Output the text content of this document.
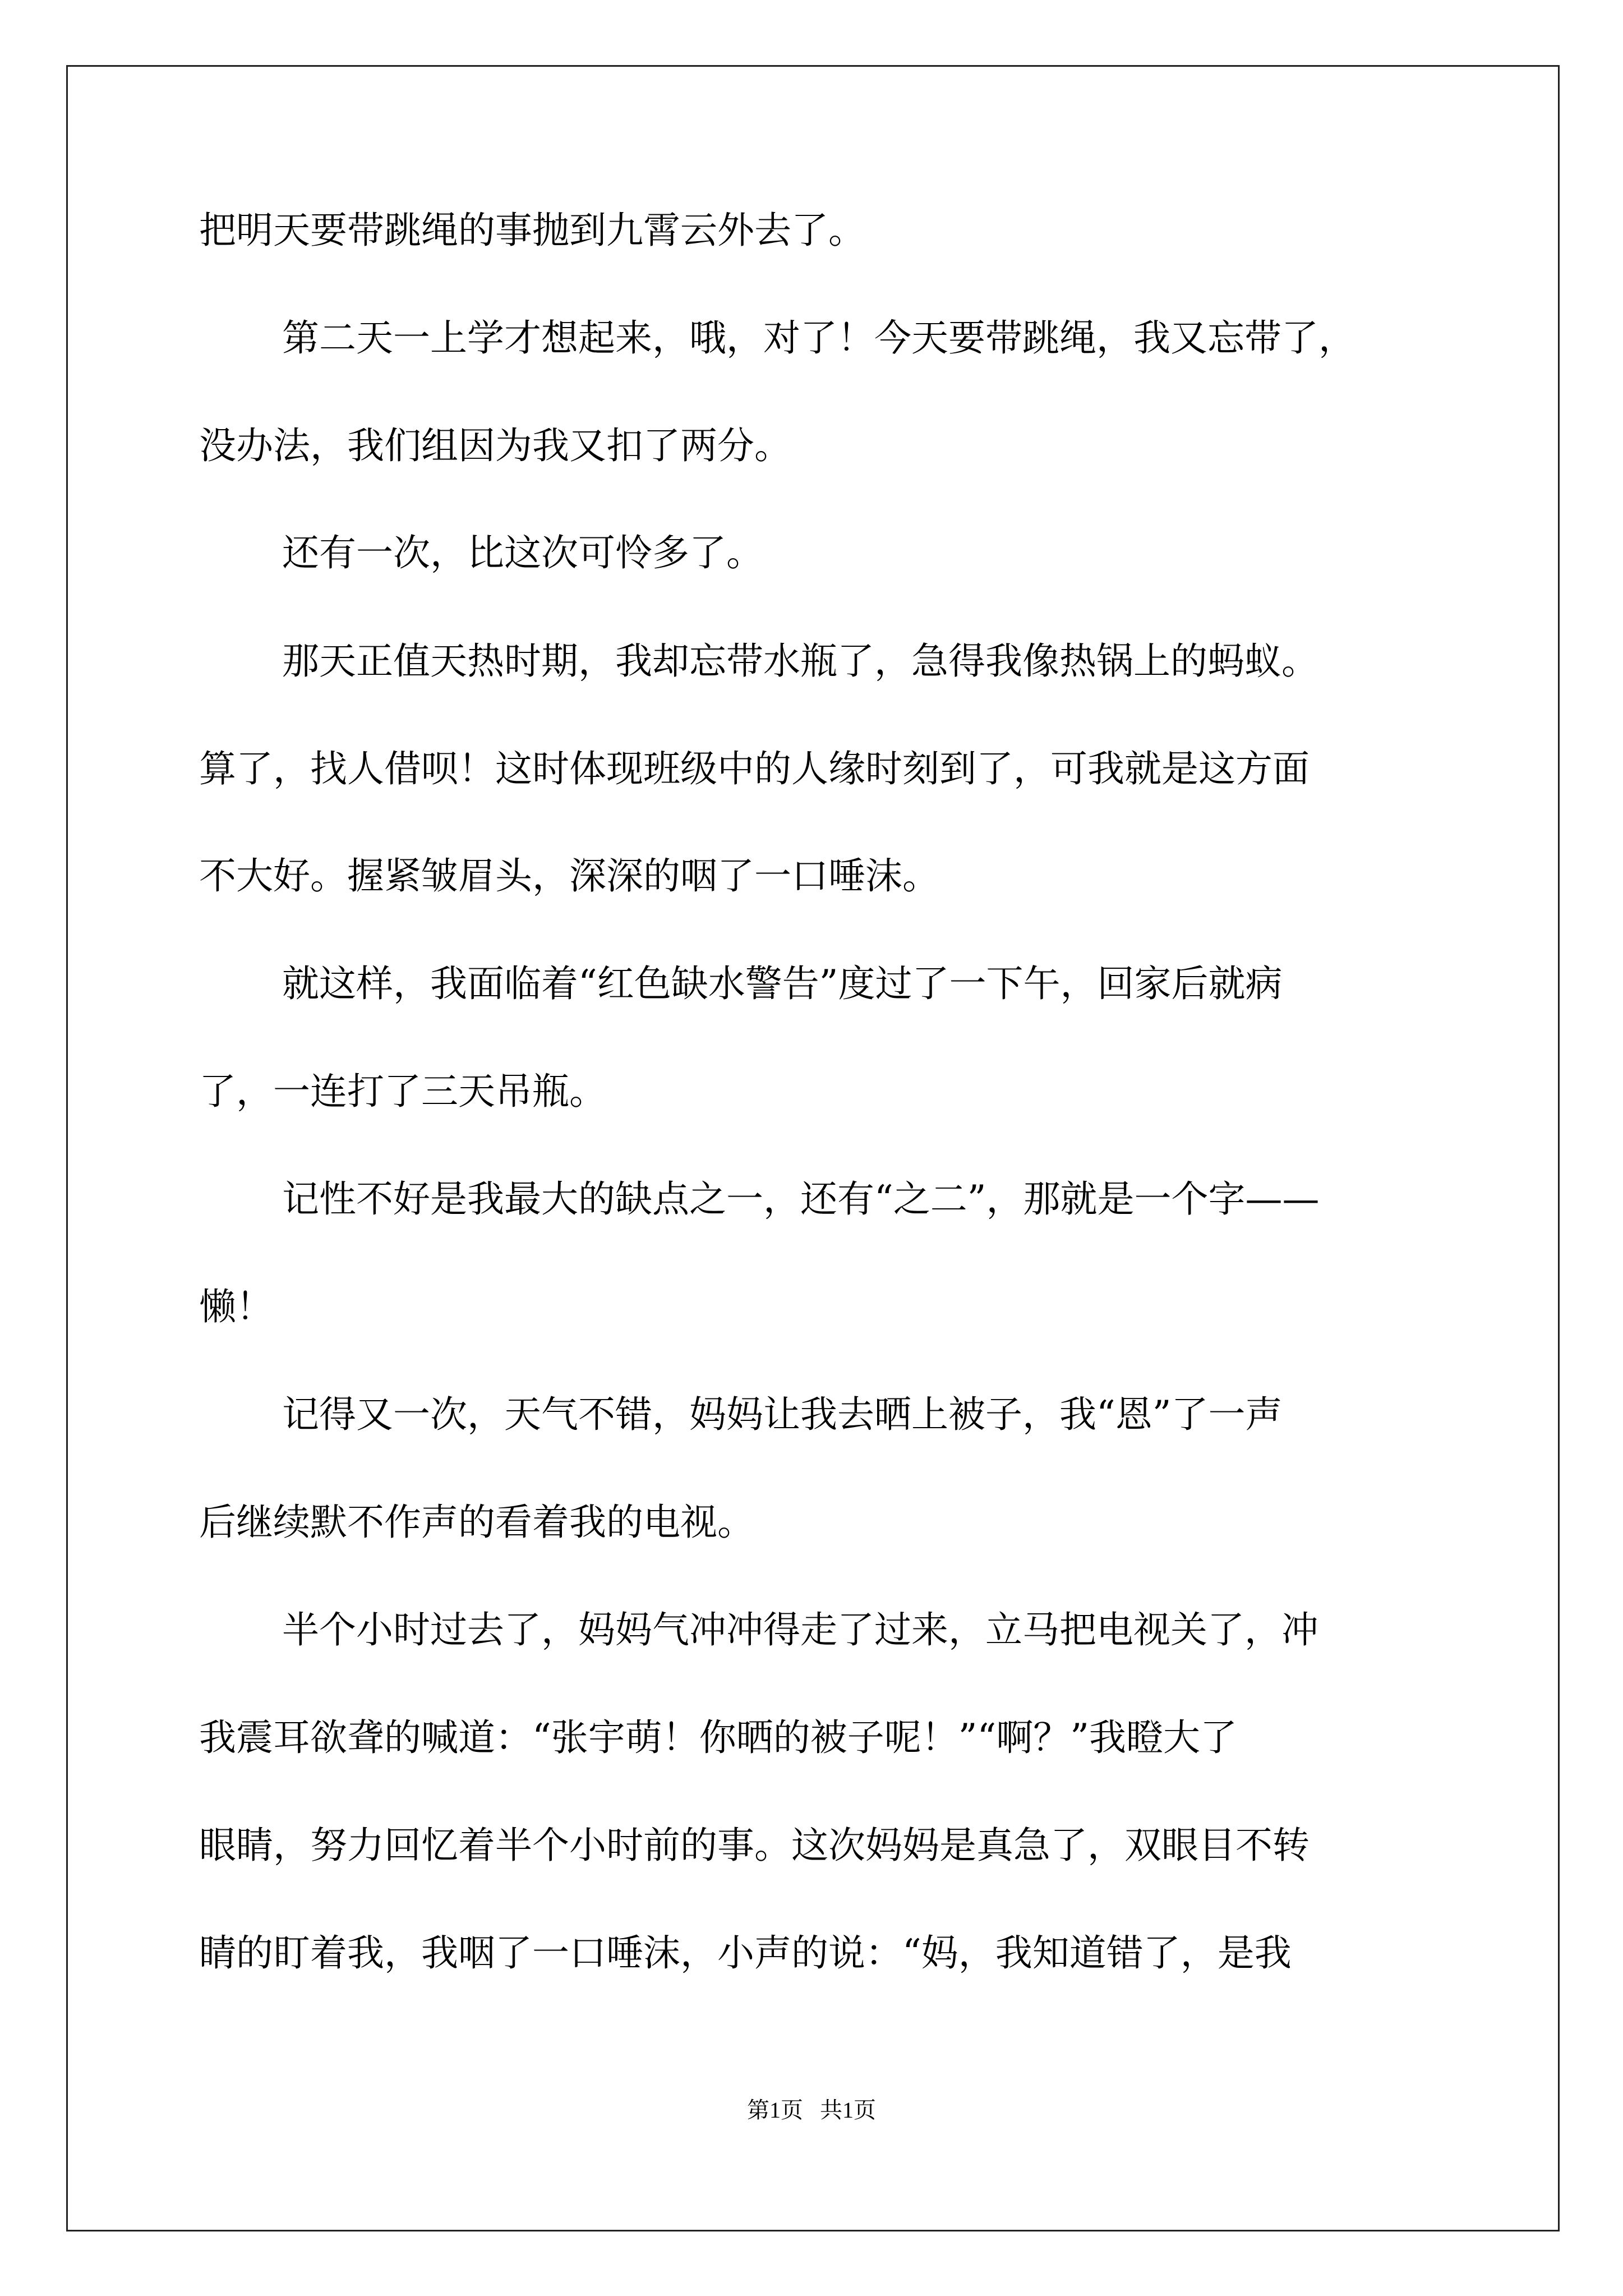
把明天要带跳绳的事抛到九霄云外去了。
第二天一上学才想起来，哦，对了！今天要带跳绳，我又忘带了，
没办法，我们组因为我又扣了两分。
还有一次，比这次可怜多了。
那天正值天热时期，我却忘带水瓶了，急得我像热锅上的蚂蚁。
算了，找人借呗！这时体现班级中的人缘时刻到了，可我就是这方面
不大好。握紧皱眉头，深深的咽了一口唾沫。
就这样，我面临着“红色缺水警告”度过了一下午，回家后就病
了，一连打了三天吊瓶。
记性不好是我最大的缺点之一，还有“之二”，那就是一个字——
懒！
记得又一次，天气不错，妈妈让我去晒上被子，我“恩”了一声
后继续默不作声的看着我的电视。
半个小时过去了，妈妈气冲冲得走了过来，立马把电视关了，冲
我震耳欲聋的喊道：“张宇萌！你晒的被子呢！”“啊？”我瞪大了
眼睛，努力回忆着半个小时前的事。这次妈妈是真急了，双眼目不转
睛的盯着我，我咽了一口唾沫，小声的说：“妈，我知道错了，是我
第1页   共1页
